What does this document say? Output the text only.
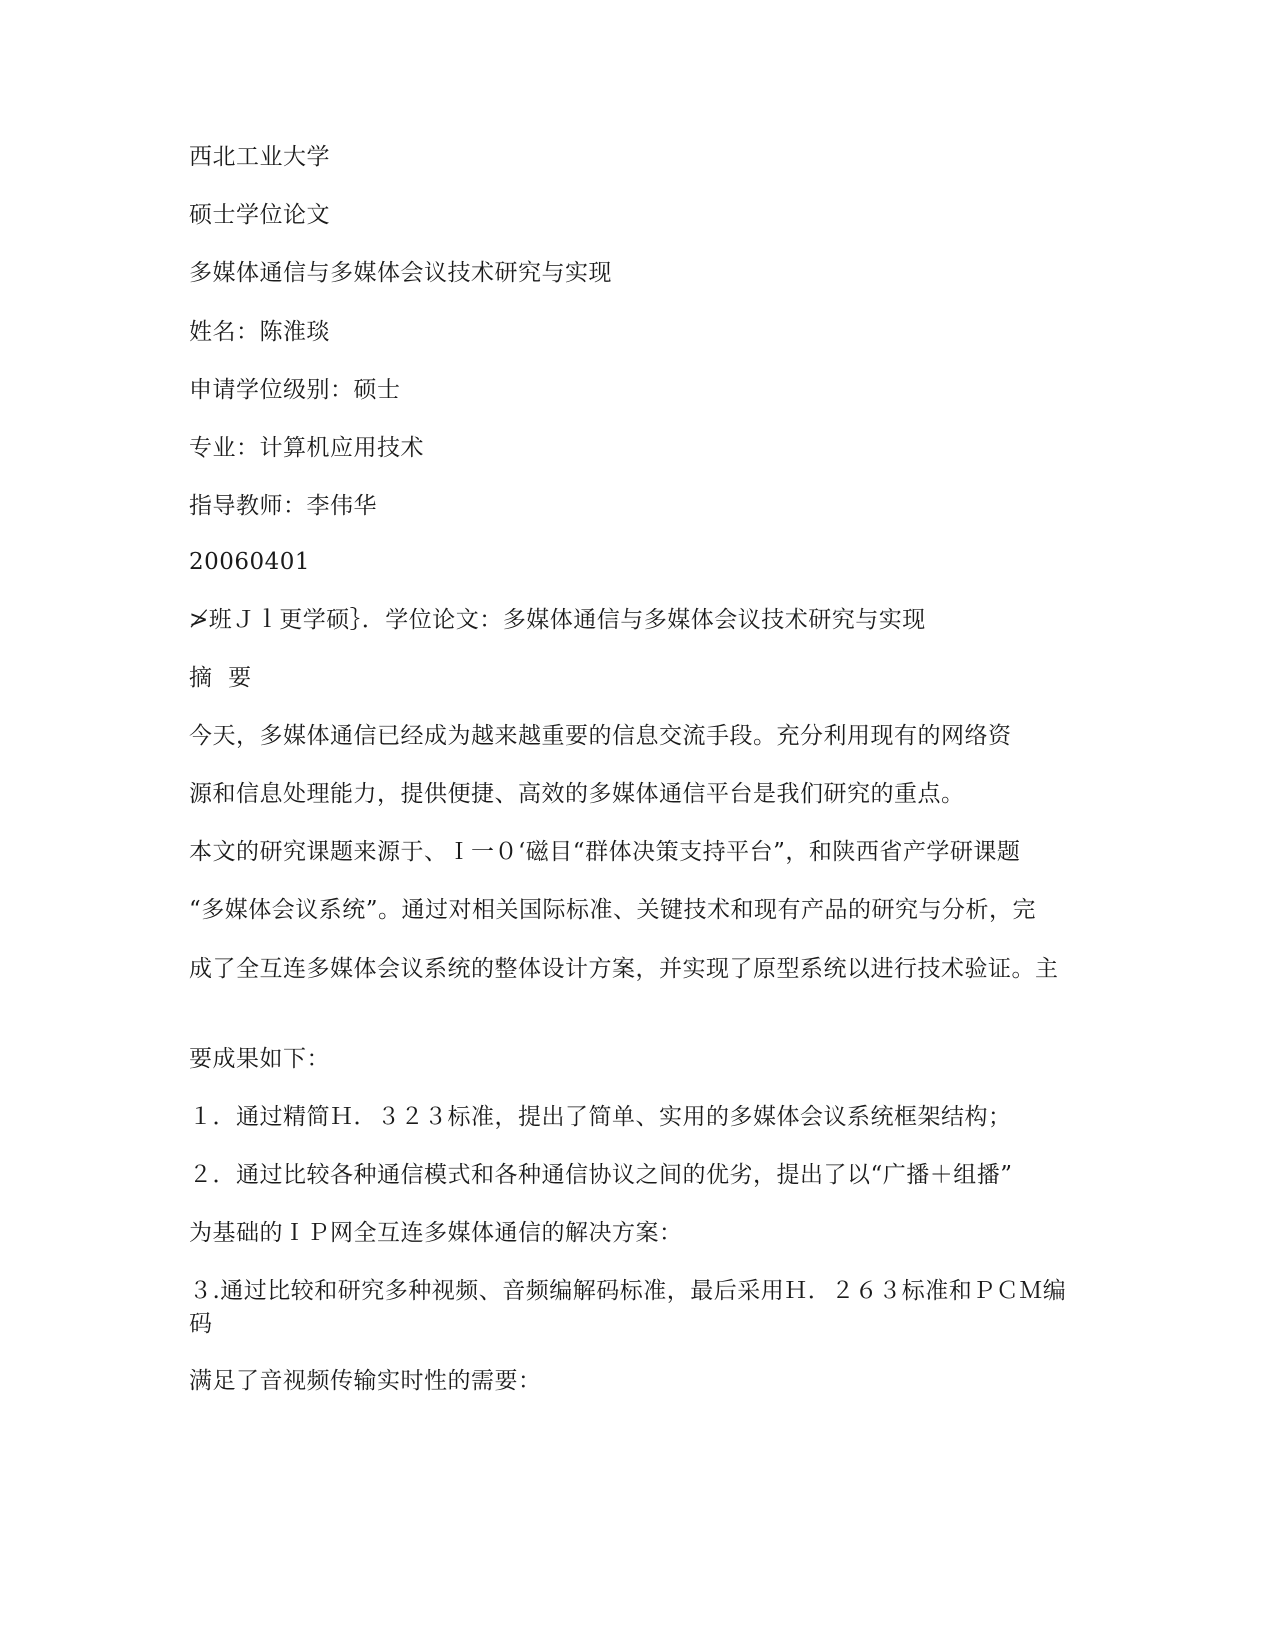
西北工业大学
硕士学位论文
多媒体通信与多媒体会议技术研究与实现
姓名：陈淮琰
申请学位级别：硕士
专业：计算机应用技术
指导教师：李伟华
20060401
≯班Ｊｌ更学硕｝．学位论文：多媒体通信与多媒体会议技术研究与实现
摘  要
今天，多媒体通信已经成为越来越重要的信息交流手段。充分利用现有的网络资
源和信息处理能力，提供便捷、高效的多媒体通信平台是我们研究的重点。
本文的研究课题来源于、Ｉ一０‘磁目“群体决策支持平台”，和陕西省产学研课题
“多媒体会议系统”。通过对相关国际标准、关键技术和现有产品的研究与分析，完
成了全互连多媒体会议系统的整体设计方案，并实现了原型系统以进行技术验证。主
要成果如下：
１．通过精简Ｈ．３２３标准，提出了简单、实用的多媒体会议系统框架结构；
２．通过比较各种通信模式和各种通信协议之间的优劣，提出了以“广播＋组播”
为基础的ＩＰ网全互连多媒体通信的解决方案：
３.通过比较和研究多种视频、音频编解码标准，最后采用Ｈ．２６３标准和ＰＣＭ编码
满足了音视频传输实时性的需要：
